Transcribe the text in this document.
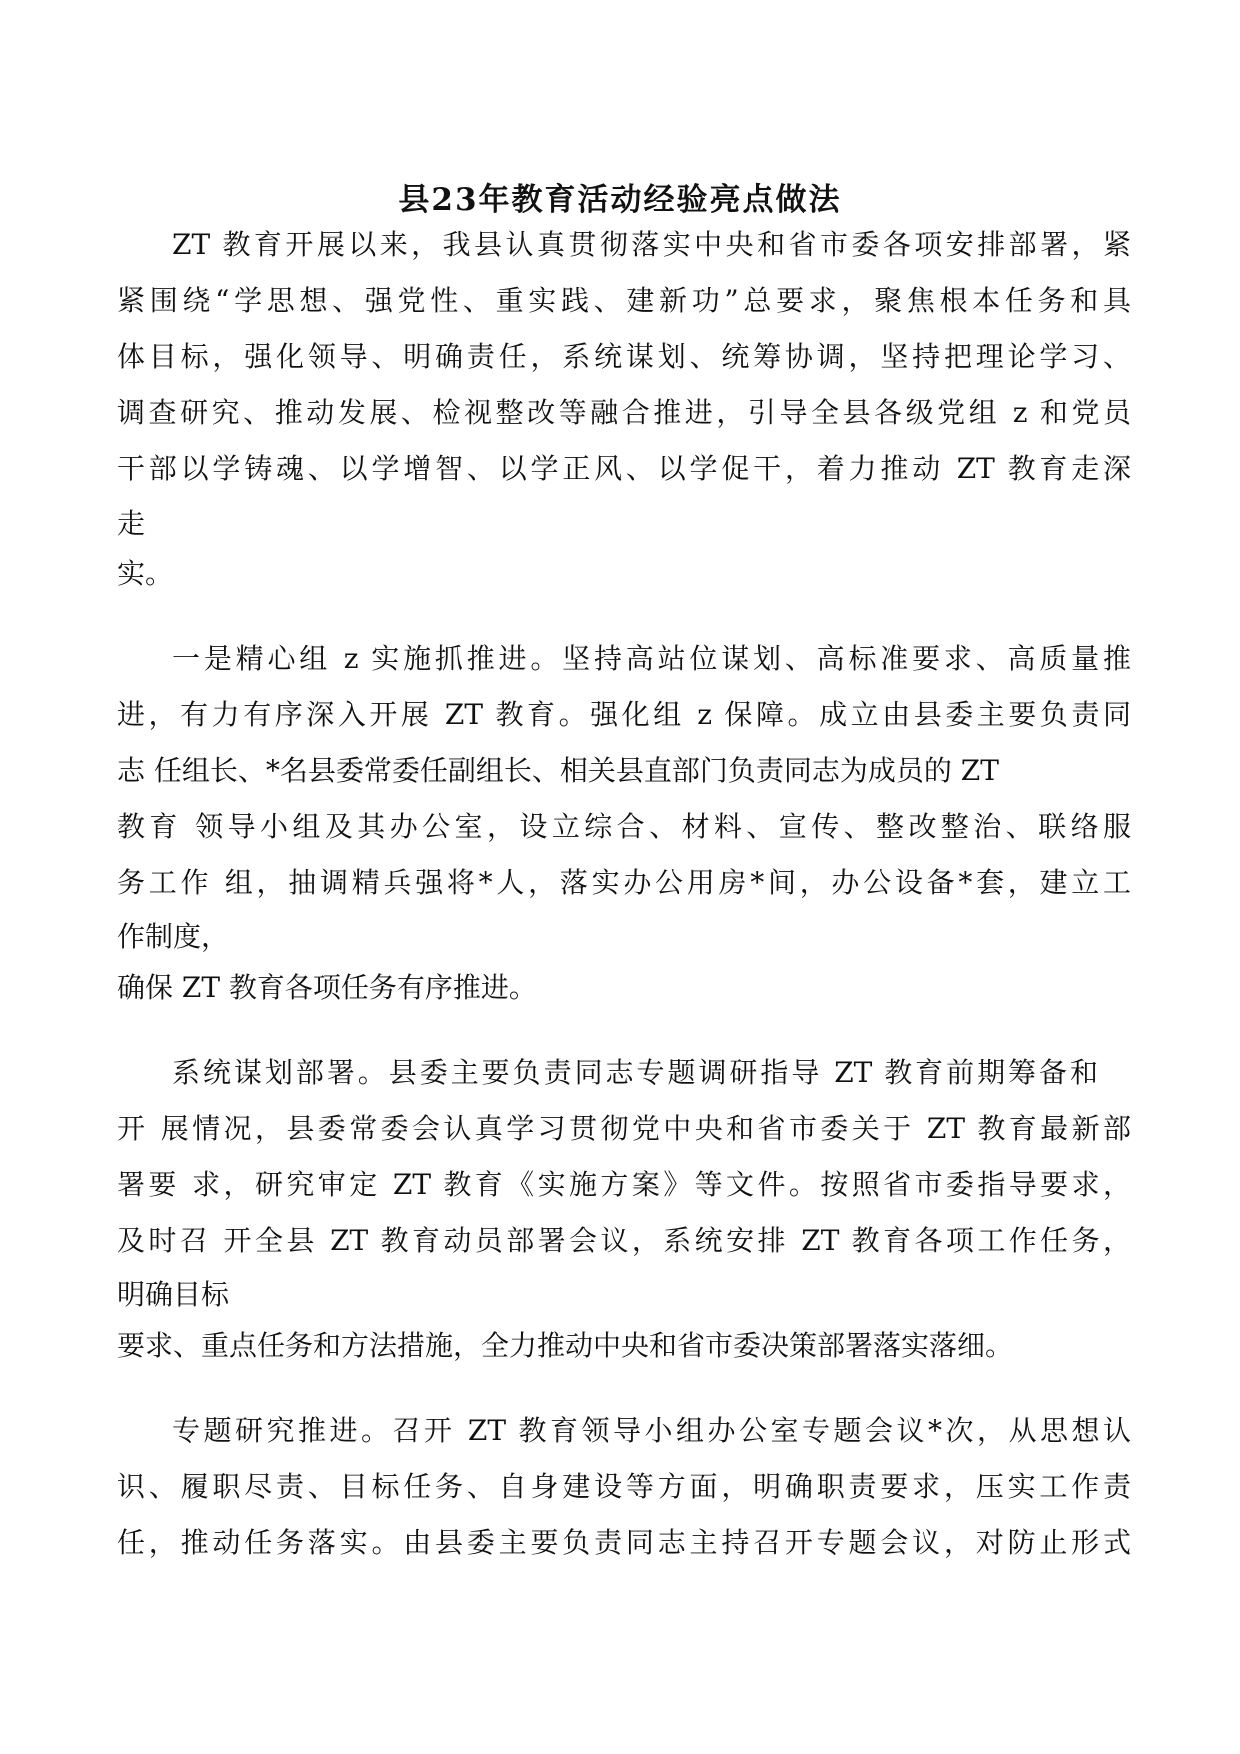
县23年教育活动经验亮点做法
ZT 教育开展以来，我县认真贯彻落实中央和省市委各项安排部署，紧
紧围绕“学思想、强党性、重实践、建新功”总要求，聚焦根本任务和具
体目标，强化领导、明确责任，系统谋划、统筹协调，坚持把理论学习、
调查研究、推动发展、检视整改等融合推进，引导全县各级党组 z 和党员
干部以学铸魂、以学增智、以学正风、以学促干，着力推动 ZT 教育走深
走
实。
一是精心组 z 实施抓推进。坚持高站位谋划、高标准要求、高质量推
进，有力有序深入开展 ZT 教育。强化组 z 保障。成立由县委主要负责同
志 任组长、*名县委常委任副组长、相关县直部门负责同志为成员的 ZT
教育 领导小组及其办公室，设立综合、材料、宣传、整改整治、联络服
务工作 组，抽调精兵强将*人，落实办公用房*间，办公设备*套，建立工
作制度，
确保 ZT 教育各项任务有序推进。
系统谋划部署。县委主要负责同志专题调研指导 ZT 教育前期筹备和
开 展情况，县委常委会认真学习贯彻党中央和省市委关于 ZT 教育最新部
署要 求，研究审定 ZT 教育《实施方案》等文件。按照省市委指导要求，
及时召 开全县 ZT 教育动员部署会议，系统安排 ZT 教育各项工作任务，
明确目标
要求、重点任务和方法措施，全力推动中央和省市委决策部署落实落细。
专题研究推进。召开 ZT 教育领导小组办公室专题会议*次，从思想认
识、履职尽责、目标任务、自身建设等方面，明确职责要求，压实工作责
任，推动任务落实。由县委主要负责同志主持召开专题会议，对防止形式
